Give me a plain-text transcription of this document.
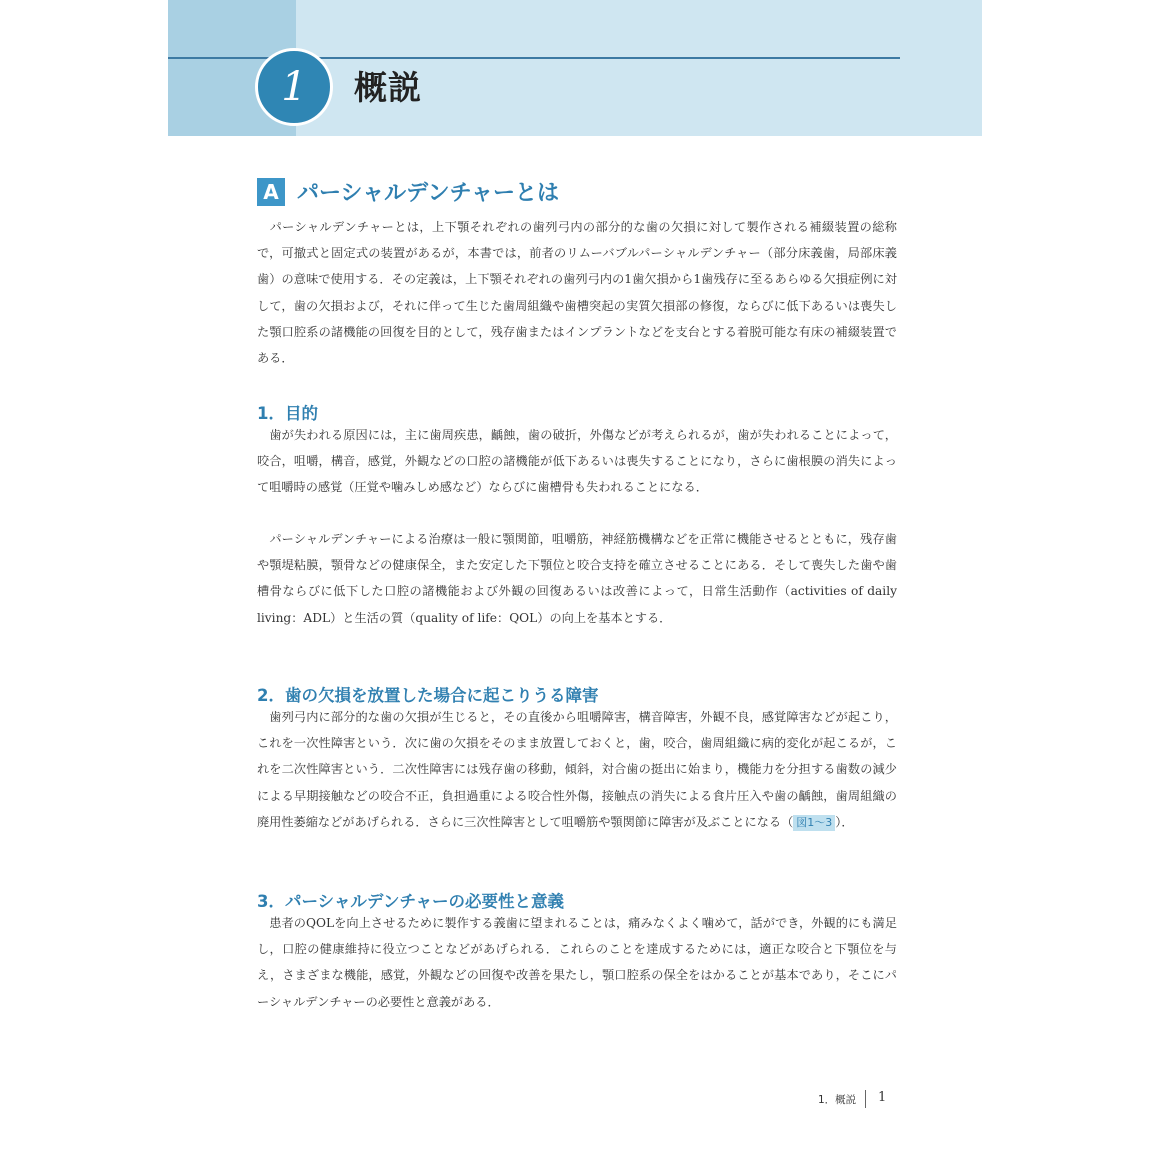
1 概説
A パーシャルデンチャーとは

　パーシャルデンチャーとは，上下顎それぞれの歯列弓内の部分的な歯の欠損に対して製作される補綴装置の総称で，可撤式と固定式の装置があるが，本書では，前者のリムーバブルパーシャルデンチャー（部分床義歯，局部床義歯）の意味で使用する．その定義は，上下顎それぞれの歯列弓内の1歯欠損から1歯残存に至るあらゆる欠損症例に対して，歯の欠損および，それに伴って生じた歯周組織や歯槽突起の実質欠損部の修復，ならびに低下あるいは喪失した顎口腔系の諸機能の回復を目的として，残存歯またはインプラントなどを支台とする着脱可能な有床の補綴装置である．

1．目的

　歯が失われる原因には，主に歯周疾患，齲蝕，歯の破折，外傷などが考えられるが，歯が失われることによって，咬合，咀嚼，構音，感覚，外観などの口腔の諸機能が低下あるいは喪失することになり，さらに歯根膜の消失によって咀嚼時の感覚（圧覚や噛みしめ感など）ならびに歯槽骨も失われることになる．

　パーシャルデンチャーによる治療は一般に顎関節，咀嚼筋，神経筋機構などを正常に機能させるとともに，残存歯や顎堤粘膜，顎骨などの健康保全，また安定した下顎位と咬合支持を確立させることにある．そして喪失した歯や歯槽骨ならびに低下した口腔の諸機能および外観の回復あるいは改善によって，日常生活動作（activities of daily living：ADL）と生活の質（quality of life：QOL）の向上を基本とする．

2．歯の欠損を放置した場合に起こりうる障害

　歯列弓内に部分的な歯の欠損が生じると，その直後から咀嚼障害，構音障害，外観不良，感覚障害などが起こり，これを一次性障害という．次に歯の欠損をそのまま放置しておくと，歯，咬合，歯周組織に病的変化が起こるが，これを二次性障害という．二次性障害には残存歯の移動，傾斜，対合歯の挺出に始まり，機能力を分担する歯数の減少による早期接触などの咬合不正，負担過重による咬合性外傷，接触点の消失による食片圧入や歯の齲蝕，歯周組織の廃用性萎縮などがあげられる．さらに三次性障害として咀嚼筋や顎関節に障害が及ぶことになる（ 図1〜3 ）．

3．パーシャルデンチャーの必要性と意義

　患者のQOLを向上させるために製作する義歯に望まれることは，痛みなくよく噛めて，話ができ，外観的にも満足し，口腔の健康維持に役立つことなどがあげられる．これらのことを達成するためには，適正な咬合と下顎位を与え，さまざまな機能，感覚，外観などの回復や改善を果たし，顎口腔系の保全をはかることが基本であり，そこにパーシャルデンチャーの必要性と意義がある．

1．概説 1
